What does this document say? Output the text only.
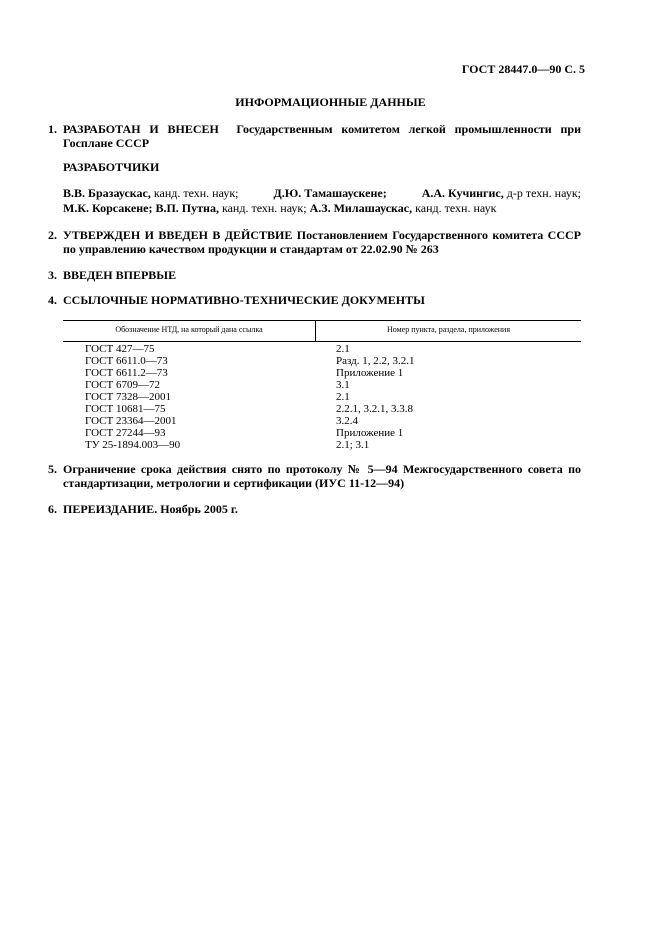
ГОСТ 28447.0—90 С. 5
ИНФОРМАЦИОННЫЕ ДАННЫЕ
1. РАЗРАБОТАН И ВНЕСЕН Государственным комитетом легкой промышленности при Госплане СССР
РАЗРАБОТЧИКИ
В.В. Бразаускас, канд. техн. наук;	Д.Ю. Тамашаускене;	А.А. Кучингис, д-р техн. наук;
М.К. Корсакене; В.П. Путна, канд. техн. наук; А.З. Милашаускас, канд. техн. наук
2. УТВЕРЖДЕН И ВВЕДЕН В ДЕЙСТВИЕ Постановлением Государственного комитета СССР по управлению качеством продукции и стандартам от 22.02.90 № 263
3. ВВЕДЕН ВПЕРВЫЕ
4. ССЫЛОЧНЫЕ НОРМАТИВНО-ТЕХНИЧЕСКИЕ ДОКУМЕНТЫ
Обозначение НТД, на который дана ссылка	Номер пункта, раздела, приложения
ГОСТ 427—75	2.1
ГОСТ 6611.0—73	Разд. 1, 2.2, 3.2.1
ГОСТ 6611.2—73	Приложение 1
ГОСТ 6709—72	3.1
ГОСТ 7328—2001	2.1
ГОСТ 10681—75	2.2.1, 3.2.1, 3.3.8
ГОСТ 23364—2001	3.2.4
ГОСТ 27244—93	Приложение 1
ТУ 25-1894.003—90	2.1; 3.1
5. Ограничение срока действия снято по протоколу № 5—94 Межгосударственного совета по стандартизации, метрологии и сертификации (ИУС 11-12—94)
6. ПЕРЕИЗДАНИЕ. Ноябрь 2005 г.
